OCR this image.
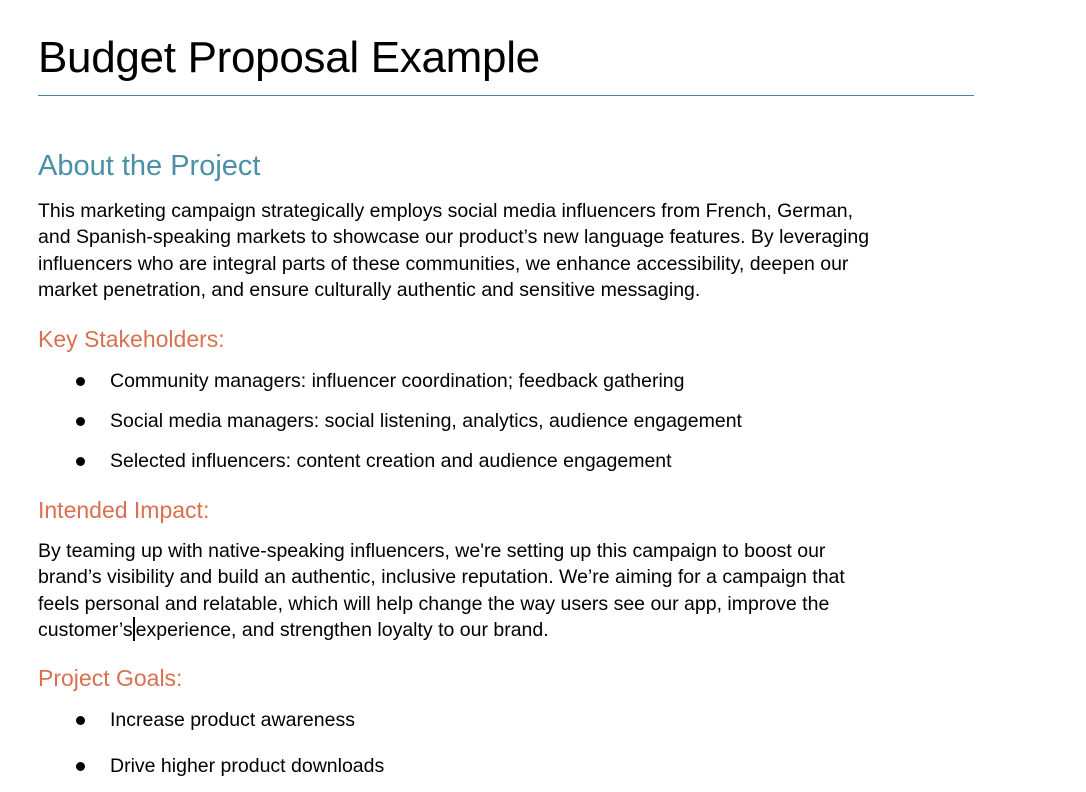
Budget Proposal Example
About the Project

This marketing campaign strategically employs social media influencers from French, German,
and Spanish-speaking markets to showcase our product’s new language features. By leveraging
influencers who are integral parts of these communities, we enhance accessibility, deepen our
market penetration, and ensure culturally authentic and sensitive messaging.

Key Stakeholders:
Community managers: influencer coordination; feedback gathering
Social media managers: social listening, analytics, audience engagement
Selected influencers: content creation and audience engagement
Intended Impact:

By teaming up with native-speaking influencers, we're setting up this campaign to boost our
brand’s visibility and build an authentic, inclusive reputation. We’re aiming for a campaign that
feels personal and relatable, which will help change the way users see our app, improve the
customer’s experience, and strengthen loyalty to our brand.

Project Goals:
Increase product awareness
Drive higher product downloads
